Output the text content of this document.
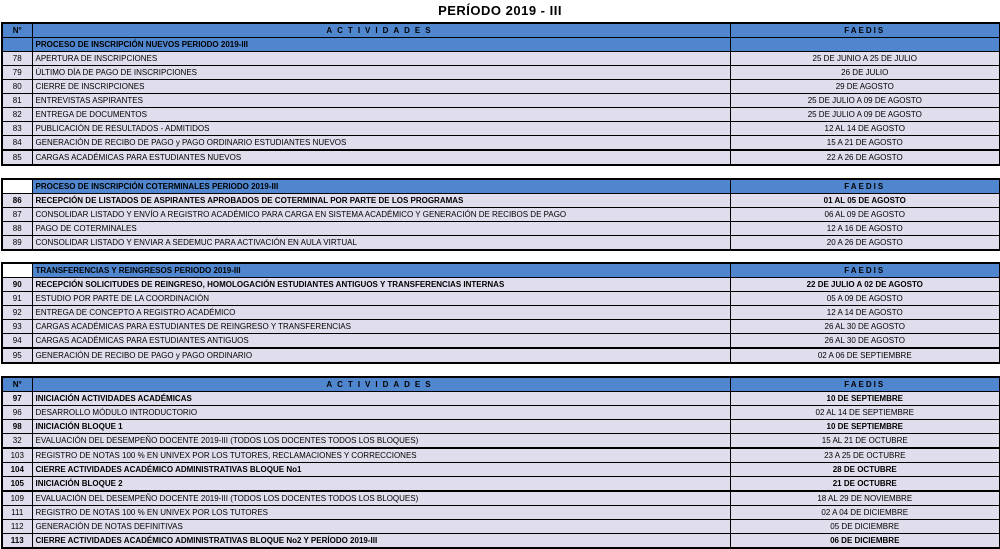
PERÍODO 2019 - III
N°	ACTIVIDADES	FAEDIS
	PROCESO DE INSCRIPCIÓN NUEVOS PERIODO 2019-III	
78	APERTURA DE INSCRIPCIONES	25 DE JUNIO A 25 DE JULIO
79	ÚLTIMO DÍA DE PAGO DE INSCRIPCIONES	26 DE JULIO
80	CIERRE DE INSCRIPCIONES	29 DE AGOSTO
81	ENTREVISTAS ASPIRANTES	25 DE JULIO A 09 DE AGOSTO
82	ENTREGA DE DOCUMENTOS	25 DE JULIO A 09 DE AGOSTO
83	PUBLICACIÓN DE RESULTADOS - ADMITIDOS	12 AL 14 DE AGOSTO
84	GENERACIÓN DE RECIBO DE PAGO y PAGO ORDINARIO ESTUDIANTES NUEVOS	15 A 21 DE AGOSTO
85	CARGAS ACADÉMICAS PARA ESTUDIANTES NUEVOS	22 A 26 DE AGOSTO
	PROCESO DE INSCRIPCIÓN COTERMINALES PERIODO 2019-III	FAEDIS
86	RECEPCIÓN DE LISTADOS DE ASPIRANTES APROBADOS DE COTERMINAL POR PARTE DE LOS PROGRAMAS	01 AL 05 DE AGOSTO
87	CONSOLIDAR LISTADO Y ENVÍO A REGISTRO ACADÉMICO PARA CARGA EN SISTEMA ACADÉMICO Y GENERACIÓN DE RECIBOS DE PAGO	06 AL 09 DE AGOSTO
88	PAGO DE COTERMINALES	12 A 16 DE AGOSTO
89	CONSOLIDAR LISTADO Y ENVIAR A SEDEMUC PARA ACTIVACIÓN EN AULA VIRTUAL	20 A 26 DE AGOSTO
	TRANSFERENCIAS Y REINGRESOS PERIODO 2019-III	FAEDIS
90	RECEPCIÓN SOLICITUDES DE REINGRESO, HOMOLOGACIÓN ESTUDIANTES ANTIGUOS Y TRANSFERENCIAS INTERNAS	22 DE JULIO A 02 DE AGOSTO
91	ESTUDIO POR PARTE DE LA COORDINACIÓN	05 A 09 DE AGOSTO
92	ENTREGA DE CONCEPTO A REGISTRO ACADÉMICO	12 A 14 DE AGOSTO
93	CARGAS ACADÉMICAS PARA ESTUDIANTES DE REINGRESO Y TRANSFERENCIAS	26 AL 30 DE AGOSTO
94	CARGAS ACADÉMICAS PARA ESTUDIANTES ANTIGUOS	26 AL 30 DE AGOSTO
95	GENERACIÓN DE RECIBO DE PAGO y PAGO ORDINARIO	02 A 06 DE SEPTIEMBRE
N°	ACTIVIDADES	FAEDIS
97	INICIACIÓN ACTIVIDADES ACADÉMICAS	10 DE SEPTIEMBRE
96	DESARROLLO MÓDULO INTRODUCTORIO	02 AL 14 DE SEPTIEMBRE
98	INICIACIÓN BLOQUE 1	10 DE SEPTIEMBRE
32	EVALUACIÓN DEL DESEMPEÑO DOCENTE 2019-III (TODOS LOS DOCENTES TODOS LOS BLOQUES)	15 AL 21 DE OCTUBRE
103	REGISTRO DE NOTAS 100 % EN UNIVEX POR LOS TUTORES, RECLAMACIONES Y CORRECCIONES	23 A 25 DE OCTUBRE
104	CIERRE ACTIVIDADES ACADÉMICO ADMINISTRATIVAS BLOQUE No1	28 DE OCTUBRE
105	INICIACIÓN BLOQUE 2	21 DE OCTUBRE
109	EVALUACIÓN DEL DESEMPEÑO DOCENTE 2019-III (TODOS LOS DOCENTES TODOS LOS BLOQUES)	18 AL 29 DE NOVIEMBRE
111	REGISTRO DE NOTAS 100 % EN UNIVEX POR LOS TUTORES	02 A 04 DE DICIEMBRE
112	GENERACIÓN DE NOTAS DEFINITIVAS	05 DE DICIEMBRE
113	CIERRE ACTIVIDADES ACADÉMICO ADMINISTRATIVAS BLOQUE No2 Y PERÍODO 2019-III	06 DE DICIEMBRE
